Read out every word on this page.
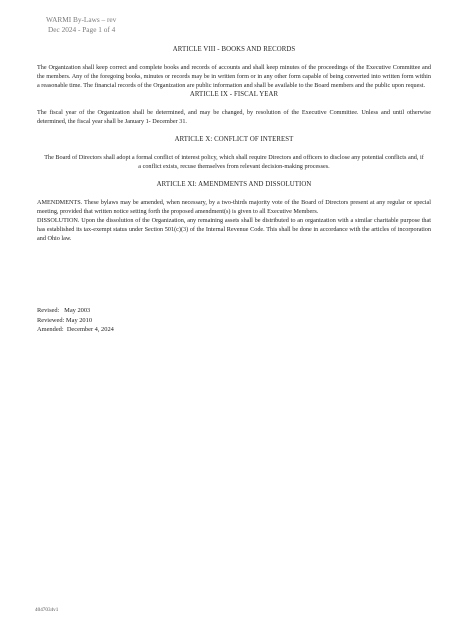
WARMI By-Laws – rev
Dec 2024 - Page 1 of 4
ARTICLE VIII - BOOKS AND RECORDS

The Organization shall keep correct and complete books and records of accounts and shall keep minutes of the proceedings of the Executive Committee and the members. Any of the foregoing books, minutes or records may be in written form or in any other form capable of being converted into written form within a reasonable time. The financial records of the Organization are public information and shall be available to the Board members and the public upon request.

ARTICLE IX - FISCAL YEAR

The fiscal year of the Organization shall be determined, and may be changed, by resolution of the Executive Committee. Unless and until otherwise determined, the fiscal year shall be January 1- December 31.

ARTICLE X: CONFLICT OF INTEREST

The Board of Directors shall adopt a formal conflict of interest policy, which shall require Directors and officers to disclose any potential conflicts and, if a conflict exists, recuse themselves from relevant decision-making processes.

ARTICLE XI: AMENDMENTS AND DISSOLUTION

AMENDMENTS. These bylaws may be amended, when necessary, by a two-thirds majority vote of the Board of Directors present at any regular or special meeting, provided that written notice setting forth the proposed amendment(s) is given to all Executive Members.

DISSOLUTION. Upon the dissolution of the Organization, any remaining assets shall be distributed to an organization with a similar charitable purpose that has established its tax-exempt status under Section 501(c)(3) of the Internal Revenue Code. This shall be done in accordance with the articles of incorporation and Ohio law.

Revised:   May 2003
Reviewed: May 2010
Amended:  December 4, 2024
4047034v1
